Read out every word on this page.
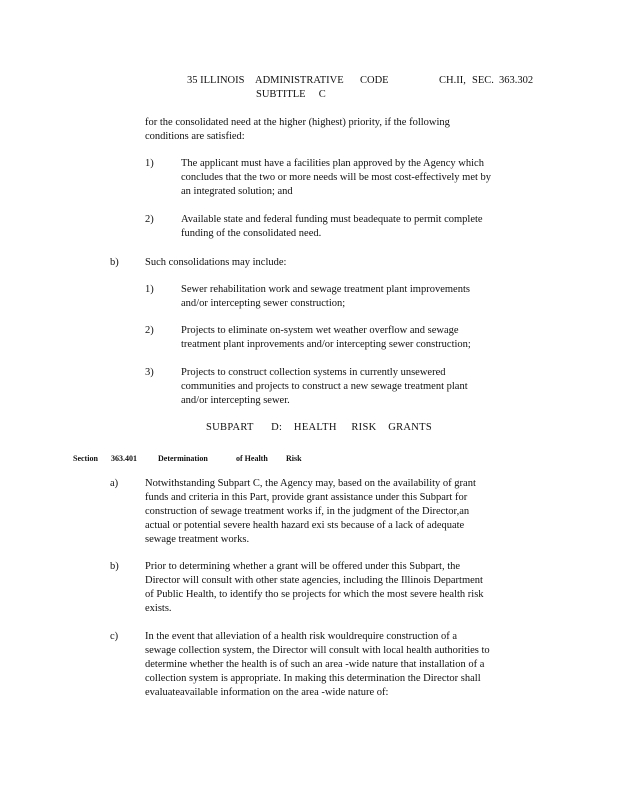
35 ILLINOIS ADMINISTRATIVE CODE	CH.II, SEC. 363.302
SUBTITLE     C
for the consolidated need at the higher (highest) priority, if the following
conditions are satisfied:
1)	The applicant must have a facilities plan approved by the Agency which
concludes that the two or more needs will be most cost-effectively met by
an integrated solution; and
2)	Available state and federal funding must beadequate to permit complete
funding of the consolidated need.
b)	Such consolidations may include:
1)	Sewer rehabilitation work and sewage treatment plant improvements
and/or intercepting sewer construction;
2)	Projects to eliminate on-system wet weather overflow and sewage
treatment plant inprovements and/or intercepting sewer construction;
3)	Projects to construct collection systems in currently unsewered
communities and projects to construct a new sewage treatment plant
and/or intercepting sewer.
SUBPART      D:    HEALTH     RISK    GRANTS
Section 363.401	Determination	of Health Risk
a)	Notwithstanding Subpart C, the Agency may, based on the availability of grant
funds and criteria in this Part, provide grant assistance under this Subpart for
construction of sewage treatment works if, in the judgment of the Director,an
actual or potential severe health hazard exi sts because of a lack of adequate
sewage treatment works.
b)	Prior to determining whether a grant will be offered under this Subpart, the
Director will consult with other state agencies, including the Illinois Department
of Public Health, to identify tho se projects for which the most severe health risk
exists.
c)	In the event that alleviation of a health risk wouldrequire construction of a
sewage collection system, the Director will consult with local health authorities to
determine whether the health is of such an area -wide nature that installation of a
collection system is appropriate. In making this determination the Director shall
evaluateavailable information on the area -wide nature of:
